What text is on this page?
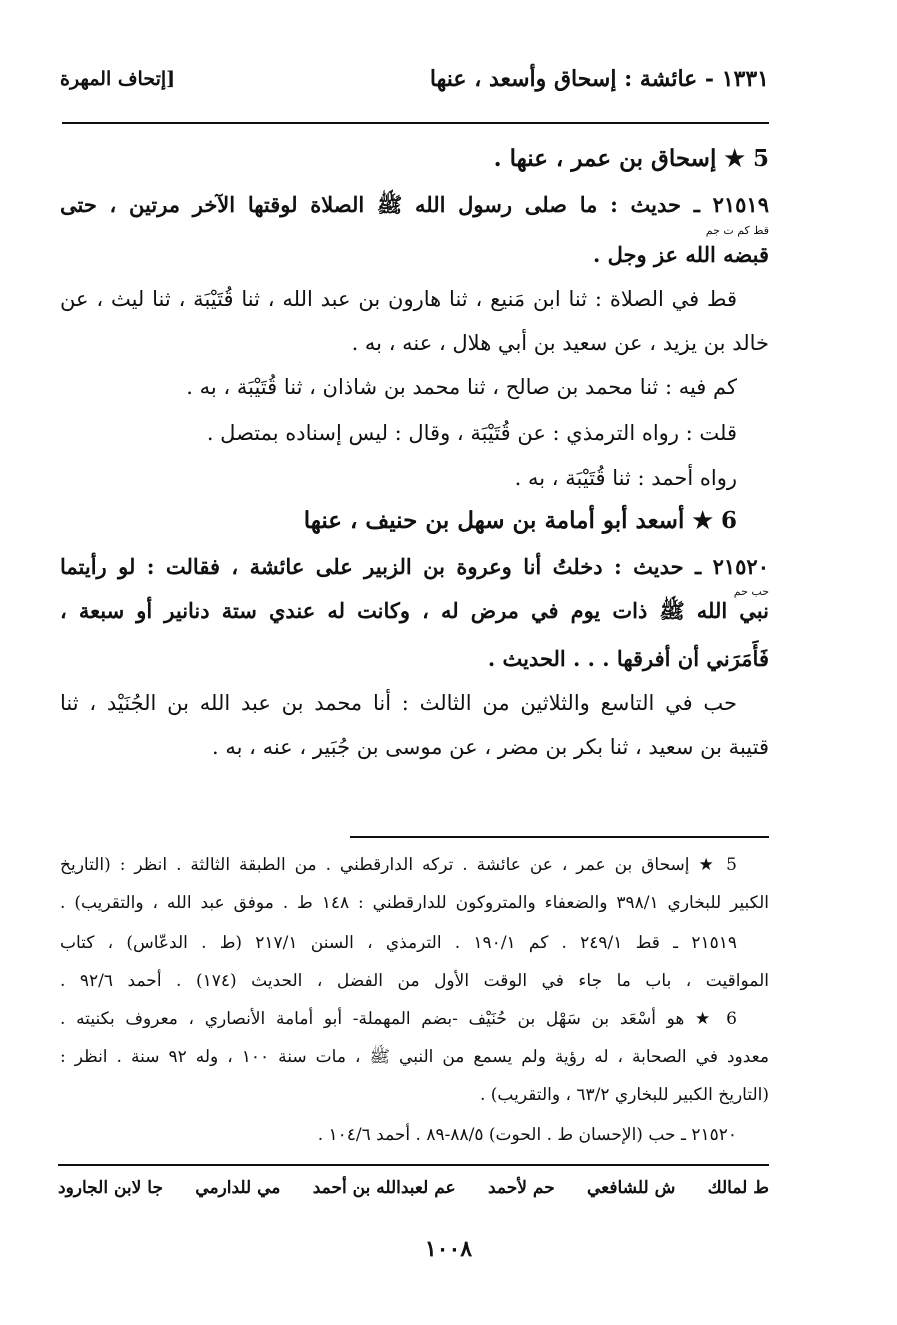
١٣٣١ - عائشة : إسحاق وأسعد ، عنها
[إتحاف المهرة
5 ★ إسحاق بن عمر ، عنها .
٢١٥١٩ ـ حديث : ما صلى رسول الله ﷺ الصلاة لوقتها الآخر مرتين ، حتى
قط كم ت جم
قبضه الله عز وجل .
قط في الصلاة : ثنا ابن مَنيع ، ثنا هارون بن عبد الله ، ثنا قُتَيْبَة ، ثنا ليث ، عن
خالد بن يزيد ، عن سعيد بن أبي هلال ، عنه ، به .
كم فيه : ثنا محمد بن صالح ، ثنا محمد بن شاذان ، ثنا قُتَيْبَة ، به .
قلت : رواه الترمذي : عن قُتَيْبَة ، وقال : ليس إسناده بمتصل .
رواه أحمد : ثنا قُتَيْبَة ، به .
6 ★ أسعد أبو أمامة بن سهل بن حنيف ، عنها
٢١٥٢٠ ـ حديث : دخلتُ أنا وعروة بن الزبير على عائشة ، فقالت : لو رأيتما
حب حم
نبي الله ﷺ ذات يوم في مرض له ، وكانت له عندي ستة دنانير أو سبعة ،
فَأَمَرَني أن أفرقها . . . الحديث .
حب في التاسع والثلاثين من الثالث : أنا محمد بن عبد الله بن الجُنَيْد ، ثنا
قتيبة بن سعيد ، ثنا بكر بن مضر ، عن موسى بن جُبَير ، عنه ، به .
5 ★ إسحاق بن عمر ، عن عائشة . تركه الدارقطني . من الطبقة الثالثة . انظر : (التاريخ
الكبير للبخاري ٣٩٨/١ والضعفاء والمتروكون للدارقطني : ١٤٨ ط . موفق عبد الله ، والتقريب) .
٢١٥١٩ ـ قط ٢٤٩/١ . كم ١٩٠/١ . الترمذي ، السنن ٢١٧/١ (ط . الدعّاس) ، كتاب
المواقيت ، باب ما جاء في الوقت الأول من الفضل ، الحديث (١٧٤) . أحمد ٩٢/٦ .
6 ★ هو أسْعَد بن سَهْل بن حُنَيْف -بضم المهملة- أبو أمامة الأنصاري ، معروف بكنيته .
معدود في الصحابة ، له رؤية ولم يسمع من النبي ﷺ ، مات سنة ١٠٠ ، وله ٩٢ سنة . انظر :
(التاريخ الكبير للبخاري ٦٣/٢ ، والتقريب) .
٢١٥٢٠ ـ حب (الإحسان ط . الحوت) ٨٨/٥-٨٩ . أحمد ١٠٤/٦ .
ط لمالك
ش للشافعي
حم لأحمد
عم لعبدالله بن أحمد
مي للدارمي
جا لابن الجارود
١٠٠٨
